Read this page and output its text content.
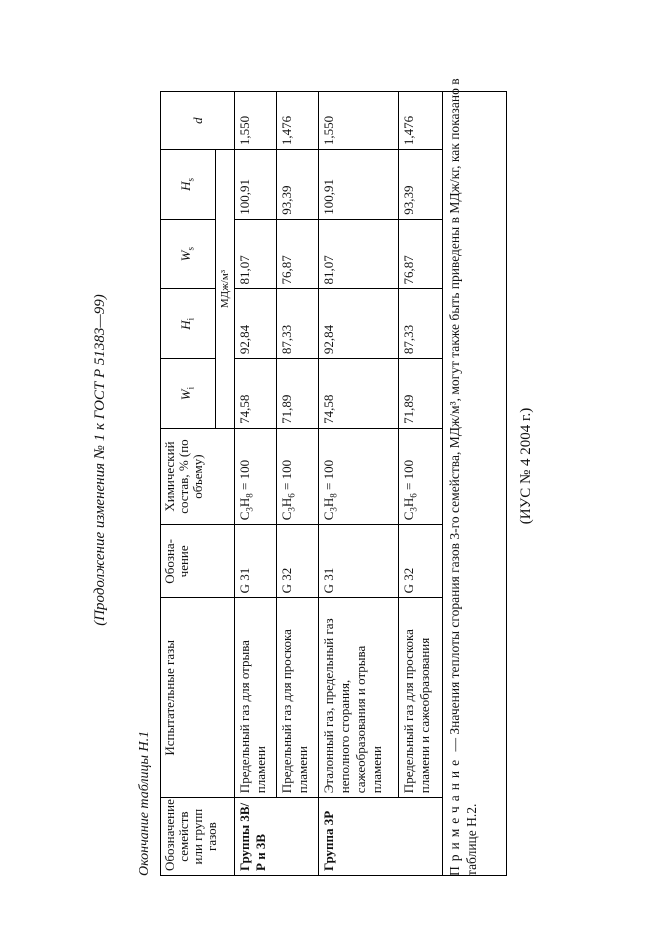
(Продолжение изменения № 1 к ГОСТ Р 51383—99)
Окончание таблицы Н.1 Обозначение семейств или групп газов	Испытательные газы	Обозна-чение	Химический состав, % (по объему)	$W_i$	$H_i$	$W_s$	$H_s$	d
				МДж/м³				
Группы 3В/Р и 3В	Предельный газ для отрыва пламени	G 31	$C_3H_8 = 100$	74,58	92,84	81,07	100,91	1,550
	Предельный газ для проскока пламени	G 32	$C_3H_6 = 100$	71,89	87,33	76,87	93,39	1,476
Группа 3Р	Эталонный газ, предельный газ неполного сгорания, сажеобразования и отрыва пламени	G 31	$C_3H_8 = 100$	74,58	92,84	81,07	100,91	1,550
	Предельный газ для проскока пламени и сажеобразования	G 32	$C_3H_6 = 100$	71,89	87,33	76,87	93,39	1,476
Примечание — Значения теплоты сгорания газов 3-го семейства, МДж/м³, могут также быть приведены в МДж/кг, как показано в таблице Н.2.
(ИУС № 4 2004 г.)
